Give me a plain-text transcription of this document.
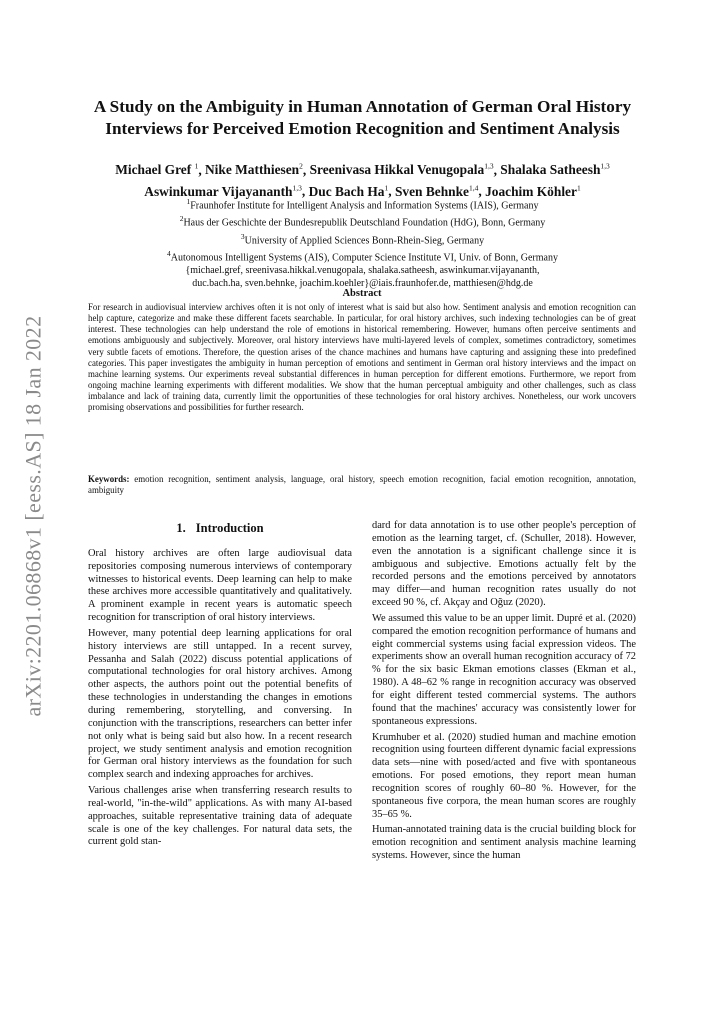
arXiv:2201.06868v1 [eess.AS] 18 Jan 2022
A Study on the Ambiguity in Human Annotation of German Oral History Interviews for Perceived Emotion Recognition and Sentiment Analysis
Michael Gref $^1$, Nike Matthiesen$^2$, Sreenivasa Hikkal Venugopala$^{1,3}$, Shalaka Satheesh$^{1,3}$
Aswinkumar Vijayananth$^{1,3}$, Duc Bach Ha$^1$, Sven Behnke$^{1,4}$, Joachim Köhler$^1$
$^1$Fraunhofer Institute for Intelligent Analysis and Information Systems (IAIS), Germany
$^2$Haus der Geschichte der Bundesrepublik Deutschland Foundation (HdG), Bonn, Germany
$^3$University of Applied Sciences Bonn-Rhein-Sieg, Germany
$^4$Autonomous Intelligent Systems (AIS), Computer Science Institute VI, Univ. of Bonn, Germany
{michael.gref, sreenivasa.hikkal.venugopala, shalaka.satheesh, aswinkumar.vijayananth,
duc.bach.ha, sven.behnke, joachim.koehler}@iais.fraunhofer.de, matthiesen@hdg.de
Abstract
For research in audiovisual interview archives often it is not only of interest what is said but also how. Sentiment analysis and emotion recognition can help capture, categorize and make these different facets searchable. In particular, for oral history archives, such indexing technologies can be of great interest. These technologies can help understand the role of emotions in historical remembering. However, humans often perceive sentiments and emotions ambiguously and subjectively. Moreover, oral history interviews have multi-layered levels of complex, sometimes contradictory, sometimes very subtle facets of emotions. Therefore, the question arises of the chance machines and humans have capturing and assigning these into predefined categories. This paper investigates the ambiguity in human perception of emotions and sentiment in German oral history interviews and the impact on machine learning systems. Our experiments reveal substantial differences in human perception for different emotions. Furthermore, we report from ongoing machine learning experiments with different modalities. We show that the human perceptual ambiguity and other challenges, such as class imbalance and lack of training data, currently limit the opportunities of these technologies for oral history archives. Nonetheless, our work uncovers promising observations and possibilities for further research.
Keywords: emotion recognition, sentiment analysis, language, oral history, speech emotion recognition, facial emotion recognition, annotation, ambiguity
1. Introduction

Oral history archives are often large audiovisual data repositories composing numerous interviews of contemporary witnesses to historical events. Deep learning can help to make these archives more accessible quantitatively and qualitatively. A prominent example in recent years is automatic speech recognition for transcription of oral history interviews.

However, many potential deep learning applications for oral history interviews are still untapped. In a recent survey, Pessanha and Salah (2022) discuss potential applications of computational technologies for oral history archives. Among other aspects, the authors point out the potential benefits of these technologies in understanding the changes in emotions during remembering, storytelling, and conversing. In conjunction with the transcriptions, researchers can better infer not only what is being said but also how. In a recent research project, we study sentiment analysis and emotion recognition for German oral history interviews as the foundation for such complex search and indexing approaches for archives.

Various challenges arise when transferring research results to real-world, "in-the-wild" applications. As with many AI-based approaches, suitable representative training data of adequate scale is one of the key challenges. For natural data sets, the current gold stan-

dard for data annotation is to use other people's perception of emotion as the learning target, cf. (Schuller, 2018). However, even the annotation is a significant challenge since it is ambiguous and subjective. Emotions actually felt by the recorded persons and the emotions perceived by annotators may differ—and human recognition rates usually do not exceed 90 %, cf. Akçay and Oğuz (2020).

We assumed this value to be an upper limit. Dupré et al. (2020) compared the emotion recognition performance of humans and eight commercial systems using facial expression videos. The experiments show an overall human recognition accuracy of 72 % for the six basic Ekman emotions classes (Ekman et al., 1980). A 48–62 % range in recognition accuracy was observed for eight different tested commercial systems. The authors found that the machines' accuracy was consistently lower for spontaneous expressions.

Krumhuber et al. (2020) studied human and machine emotion recognition using fourteen different dynamic facial expressions data sets—nine with posed/acted and five with spontaneous emotions. For posed emotions, they report mean human recognition scores of roughly 60–80 %. However, for the spontaneous five corpora, the mean human scores are roughly 35–65 %.

Human-annotated training data is the crucial building block for emotion recognition and sentiment analysis machine learning systems. However, since the human
